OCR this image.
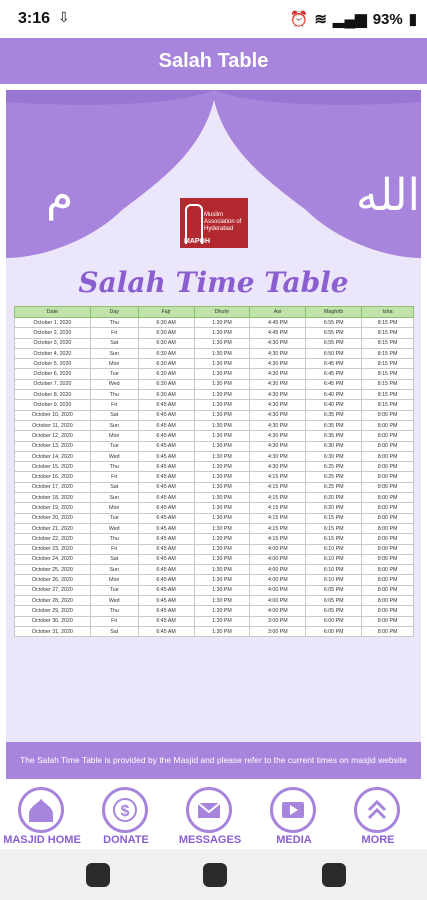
3:16 ⇩	⏰ ≋ ▂▄▆ 93% ▮
Salah Table
م	الله
Muslim Association of Hyderabad
MAPOH
Salah Time Table
Date	Day	Fajr	Dhuhr	Asr	Maghrib	Isha
October 1, 2020	Thu	6:30 AM	1:30 PM	4:45 PM	6:55 PM	8:15 PM
October 2, 2020	Fri	6:30 AM	1:30 PM	4:45 PM	6:55 PM	8:15 PM
October 3, 2020	Sat	6:30 AM	1:30 PM	4:30 PM	6:55 PM	8:15 PM
October 4, 2020	Sun	6:30 AM	1:30 PM	4:30 PM	6:50 PM	8:15 PM
October 5, 2020	Mon	6:30 AM	1:30 PM	4:30 PM	6:45 PM	8:15 PM
October 6, 2020	Tue	6:30 AM	1:30 PM	4:30 PM	6:45 PM	8:15 PM
October 7, 2020	Wed	6:30 AM	1:30 PM	4:30 PM	6:45 PM	8:15 PM
October 8, 2020	Thu	6:30 AM	1:30 PM	4:30 PM	6:40 PM	8:15 PM
October 9, 2020	Fri	6:45 AM	1:30 PM	4:30 PM	6:40 PM	8:15 PM
October 10, 2020	Sat	6:45 AM	1:30 PM	4:30 PM	6:35 PM	8:00 PM
October 11, 2020	Sun	6:45 AM	1:30 PM	4:30 PM	6:35 PM	8:00 PM
October 12, 2020	Mon	6:45 AM	1:30 PM	4:30 PM	6:35 PM	8:00 PM
October 13, 2020	Tue	6:45 AM	1:30 PM	4:30 PM	6:30 PM	8:00 PM
October 14, 2020	Wed	6:45 AM	1:30 PM	4:30 PM	6:30 PM	8:00 PM
October 15, 2020	Thu	6:45 AM	1:30 PM	4:30 PM	6:25 PM	8:00 PM
October 16, 2020	Fri	6:45 AM	1:30 PM	4:15 PM	6:25 PM	8:00 PM
October 17, 2020	Sat	6:45 AM	1:30 PM	4:15 PM	6:25 PM	8:00 PM
October 18, 2020	Sun	6:45 AM	1:30 PM	4:15 PM	6:20 PM	8:00 PM
October 19, 2020	Mon	6:45 AM	1:30 PM	4:15 PM	6:20 PM	8:00 PM
October 20, 2020	Tue	6:45 AM	1:30 PM	4:15 PM	6:15 PM	8:00 PM
October 21, 2020	Wed	6:45 AM	1:30 PM	4:15 PM	6:15 PM	8:00 PM
October 22, 2020	Thu	6:45 AM	1:30 PM	4:15 PM	6:15 PM	8:00 PM
October 23, 2020	Fri	6:45 AM	1:30 PM	4:00 PM	6:10 PM	8:00 PM
October 24, 2020	Sat	6:45 AM	1:30 PM	4:00 PM	6:10 PM	8:00 PM
October 25, 2020	Sun	6:45 AM	1:30 PM	4:00 PM	6:10 PM	8:00 PM
October 26, 2020	Mon	6:45 AM	1:30 PM	4:00 PM	6:10 PM	8:00 PM
October 27, 2020	Tue	6:45 AM	1:30 PM	4:00 PM	6:05 PM	8:00 PM
October 28, 2020	Wed	6:45 AM	1:30 PM	4:00 PM	6:05 PM	8:00 PM
October 29, 2020	Thu	6:45 AM	1:30 PM	4:00 PM	6:05 PM	8:00 PM
October 30, 2020	Fri	6:45 AM	1:30 PM	3:00 PM	6:00 PM	8:00 PM
October 31, 2020	Sat	6:45 AM	1:30 PM	3:00 PM	6:00 PM	8:00 PM
The Salah Time Table is provided by the Masjid and please refer to the current times on masjid website
MASJID HOME
$
DONATE	MESSAGES	MEDIA	MORE
